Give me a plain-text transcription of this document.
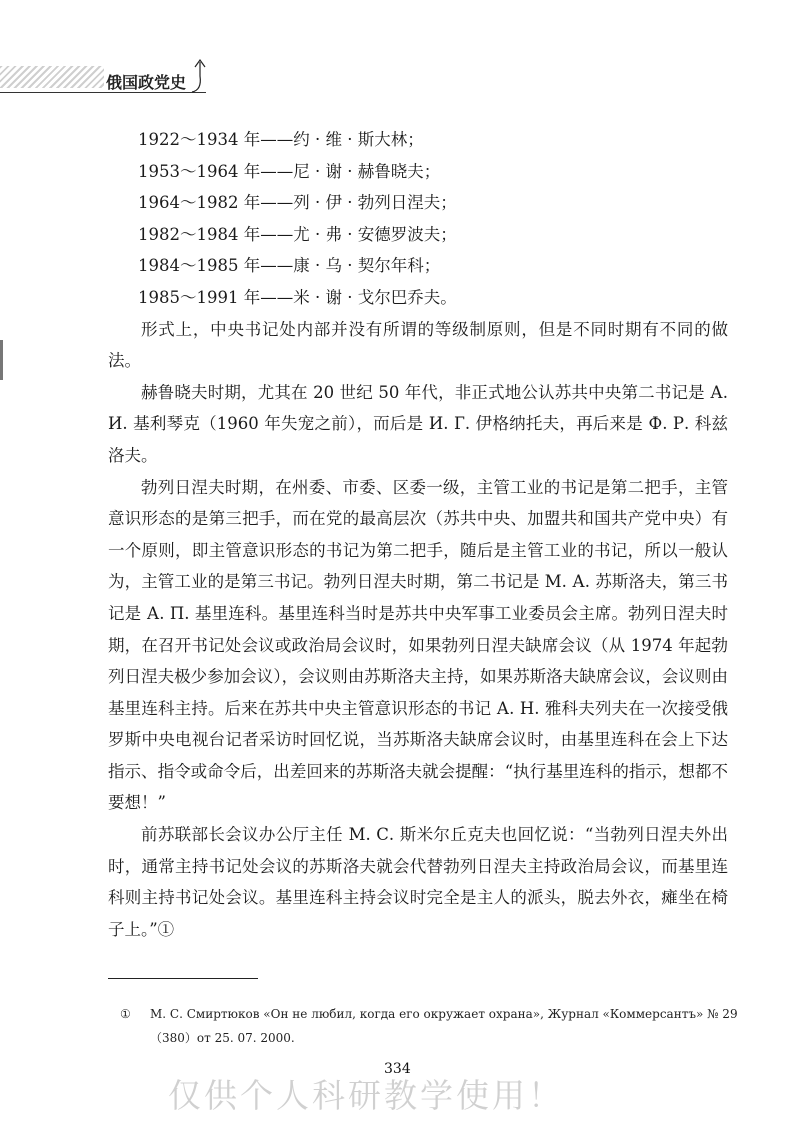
俄国政党史
1922～1934 年——约 · 维 · 斯大林；
1953～1964 年——尼 · 谢 · 赫鲁晓夫；
1964～1982 年——列 · 伊 · 勃列日涅夫；
1982～1984 年——尤 · 弗 · 安德罗波夫；
1984～1985 年——康 · 乌 · 契尔年科；
1985～1991 年——米 · 谢 · 戈尔巴乔夫。

形式上，中央书记处内部并没有所谓的等级制原则，但是不同时期有不同的做法。

赫鲁晓夫时期，尤其在 20 世纪 50 年代，非正式地公认苏共中央第二书记是 А. И. 基利琴克（1960 年失宠之前），而后是 И. Г. 伊格纳托夫，再后来是 Ф. Р. 科兹洛夫。

勃列日涅夫时期，在州委、市委、区委一级，主管工业的书记是第二把手，主管意识形态的是第三把手，而在党的最高层次（苏共中央、加盟共和国共产党中央）有一个原则，即主管意识形态的书记为第二把手，随后是主管工业的书记，所以一般认为，主管工业的是第三书记。勃列日涅夫时期，第二书记是 М. А. 苏斯洛夫，第三书记是 А. П. 基里连科。基里连科当时是苏共中央军事工业委员会主席。勃列日涅夫时期，在召开书记处会议或政治局会议时，如果勃列日涅夫缺席会议（从 1974 年起勃列日涅夫极少参加会议），会议则由苏斯洛夫主持，如果苏斯洛夫缺席会议，会议则由基里连科主持。后来在苏共中央主管意识形态的书记 А. Н. 雅科夫列夫在一次接受俄罗斯中央电视台记者采访时回忆说，当苏斯洛夫缺席会议时，由基里连科在会上下达指示、指令或命令后，出差回来的苏斯洛夫就会提醒：“执行基里连科的指示，想都不要想！”

前苏联部长会议办公厅主任 М. С. 斯米尔丘克夫也回忆说：“当勃列日涅夫外出时，通常主持书记处会议的苏斯洛夫就会代替勃列日涅夫主持政治局会议，而基里连科则主持书记处会议。基里连科主持会议时完全是主人的派头，脱去外衣，瘫坐在椅子上。”①

① М. С. Смиртюков «Он не любил, когда его окружает охрана», Журнал «Коммерсантъ» № 29（380）от 25. 07. 2000.
334
仅供个人科研教学使用！
